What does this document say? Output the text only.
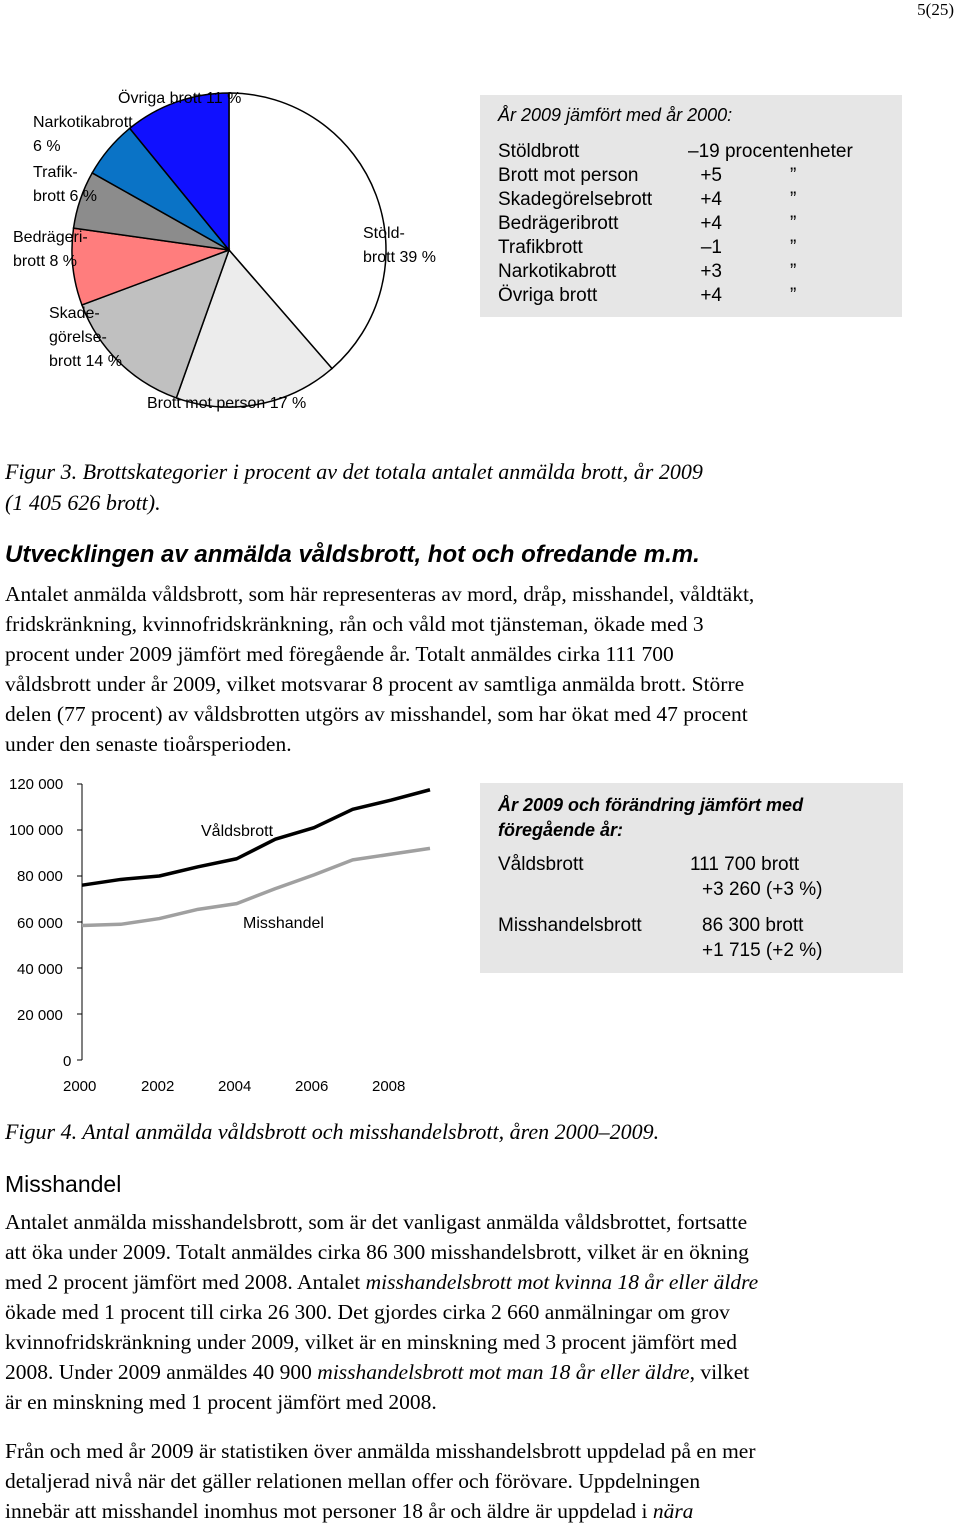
5(25)
Övriga brott 11 %
Narkotikabrott
6 %
Trafik-
brott 6 %
Bedrägeri-
brott 8 %
Skade-
görelse-
brott 14 %
Brott mot person 17 %
Stöld-
brott 39 %
År 2009 jämfört med år 2000:
Stöldbrott	–19 procentenheter
Brott mot person	+5	”
Skadegörelsebrott	+4	”
Bedrägeribrott	+4	”
Trafikbrott	–1	”
Narkotikabrott	+3	”
Övriga brott	+4	”
Figur 3. Brottskategorier i procent av det totala antalet anmälda brott, år 2009
(1 405 626 brott).
Utvecklingen av anmälda våldsbrott, hot och ofredande m.m.
Antalet anmälda våldsbrott, som här representeras av mord, dråp, misshandel, våldtäkt,
fridskränkning, kvinnofridskränkning, rån och våld mot tjänsteman, ökade med 3
procent under 2009 jämfört med föregående år. Totalt anmäldes cirka 111 700
våldsbrott under år 2009, vilket motsvarar 8 procent av samtliga anmälda brott. Större
delen (77 procent) av våldsbrotten utgörs av misshandel, som har ökat med 47 procent
under den senaste tioårsperioden.
120 000
100 000
80 000
60 000
40 000
20 000
0
2000	2002	2004	2006	2008
Våldsbrott
Misshandel
År 2009 och förändring jämfört med
föregående år:
Våldsbrott	111 700 brott
+3 260 (+3 %)
Misshandelsbrott	86 300 brott
+1 715 (+2 %)
Figur 4. Antal anmälda våldsbrott och misshandelsbrott, åren 2000–2009.
Misshandel
Antalet anmälda misshandelsbrott, som är det vanligast anmälda våldsbrottet, fortsatte
att öka under 2009. Totalt anmäldes cirka 86 300 misshandelsbrott, vilket är en ökning
med 2 procent jämfört med 2008. Antalet misshandelsbrott mot kvinna 18 år eller äldre
ökade med 1 procent till cirka 26 300. Det gjordes cirka 2 660 anmälningar om grov
kvinnofridskränkning under 2009, vilket är en minskning med 3 procent jämfört med
2008. Under 2009 anmäldes 40 900 misshandelsbrott mot man 18 år eller äldre, vilket
är en minskning med 1 procent jämfört med 2008.
Från och med år 2009 är statistiken över anmälda misshandelsbrott uppdelad på en mer
detaljerad nivå när det gäller relationen mellan offer och förövare. Uppdelningen
innebär att misshandel inomhus mot personer 18 år och äldre är uppdelad i nära
